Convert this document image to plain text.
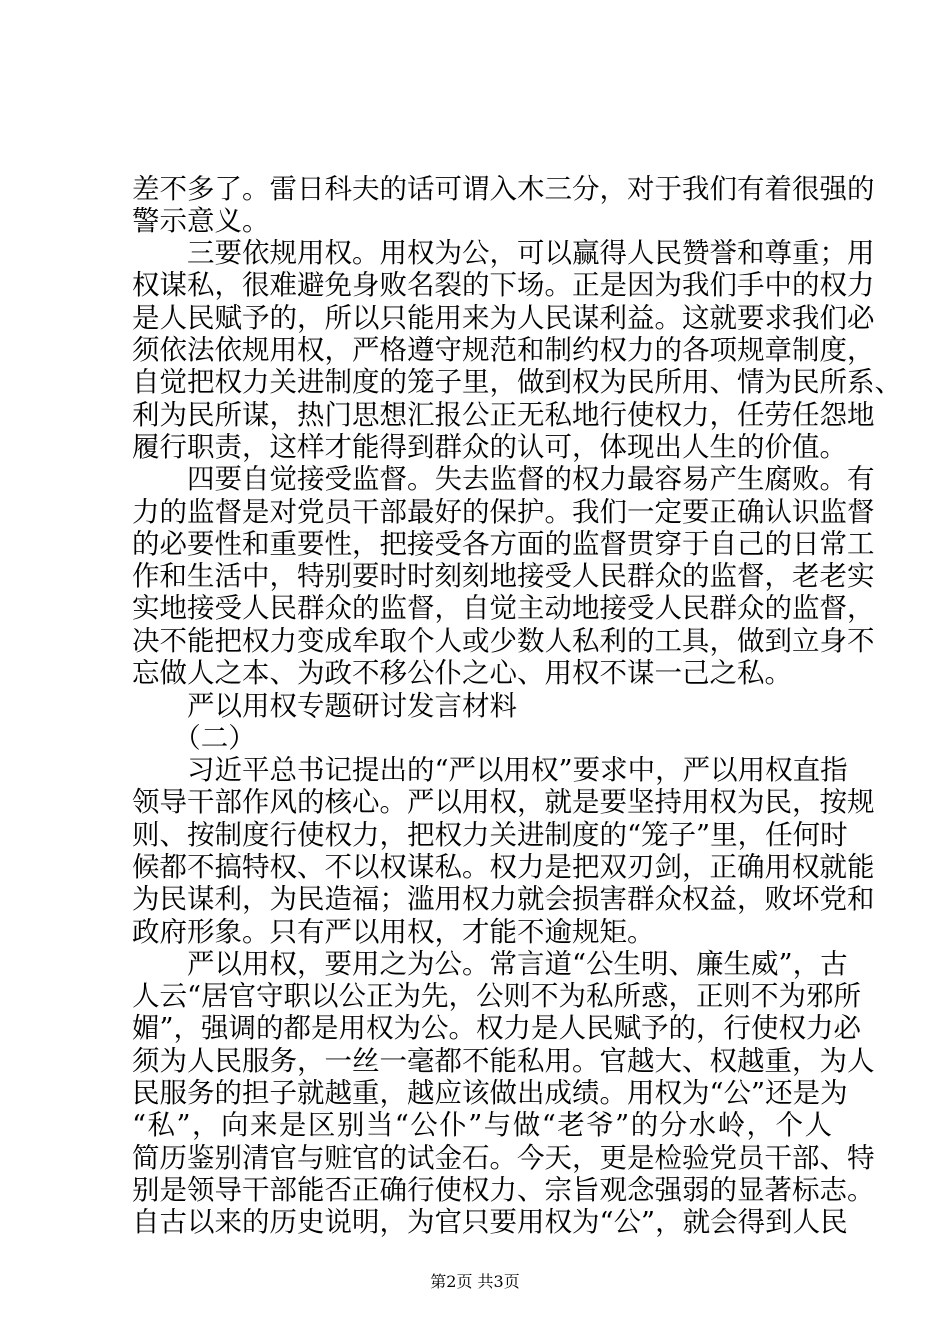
差不多了。雷日科夫的话可谓入木三分，对于我们有着很强的
警示意义。
　　三要依规用权。用权为公，可以赢得人民赞誉和尊重；用
权谋私，很难避免身败名裂的下场。正是因为我们手中的权力
是人民赋予的，所以只能用来为人民谋利益。这就要求我们必
须依法依规用权，严格遵守规范和制约权力的各项规章制度，
自觉把权力关进制度的笼子里，做到权为民所用、情为民所系、
利为民所谋，热门思想汇报公正无私地行使权力，任劳任怨地
履行职责，这样才能得到群众的认可，体现出人生的价值。
　　四要自觉接受监督。失去监督的权力最容易产生腐败。有
力的监督是对党员干部最好的保护。我们一定要正确认识监督
的必要性和重要性，把接受各方面的监督贯穿于自己的日常工
作和生活中，特别要时时刻刻地接受人民群众的监督，老老实
实地接受人民群众的监督，自觉主动地接受人民群众的监督，
决不能把权力变成牟取个人或少数人私利的工具，做到立身不
忘做人之本、为政不移公仆之心、用权不谋一己之私。
　　严以用权专题研讨发言材料
　　（二）
　　习近平总书记提出的“严以用权”要求中，严以用权直指
领导干部作风的核心。严以用权，就是要坚持用权为民，按规
则、按制度行使权力，把权力关进制度的“笼子”里，任何时
候都不搞特权、不以权谋私。权力是把双刃剑，正确用权就能
为民谋利，为民造福；滥用权力就会损害群众权益，败坏党和
政府形象。只有严以用权，才能不逾规矩。
　　严以用权，要用之为公。常言道“公生明、廉生威”，古
人云“居官守职以公正为先，公则不为私所惑，正则不为邪所
媚”，强调的都是用权为公。权力是人民赋予的，行使权力必
须为人民服务，一丝一毫都不能私用。官越大、权越重，为人
民服务的担子就越重，越应该做出成绩。用权为“公”还是为
“私”，向来是区别当“公仆”与做“老爷”的分水岭，个人
简历鉴别清官与赃官的试金石。今天，更是检验党员干部、特
别是领导干部能否正确行使权力、宗旨观念强弱的显著标志。
自古以来的历史说明，为官只要用权为“公”，就会得到人民
第2页 共3页
